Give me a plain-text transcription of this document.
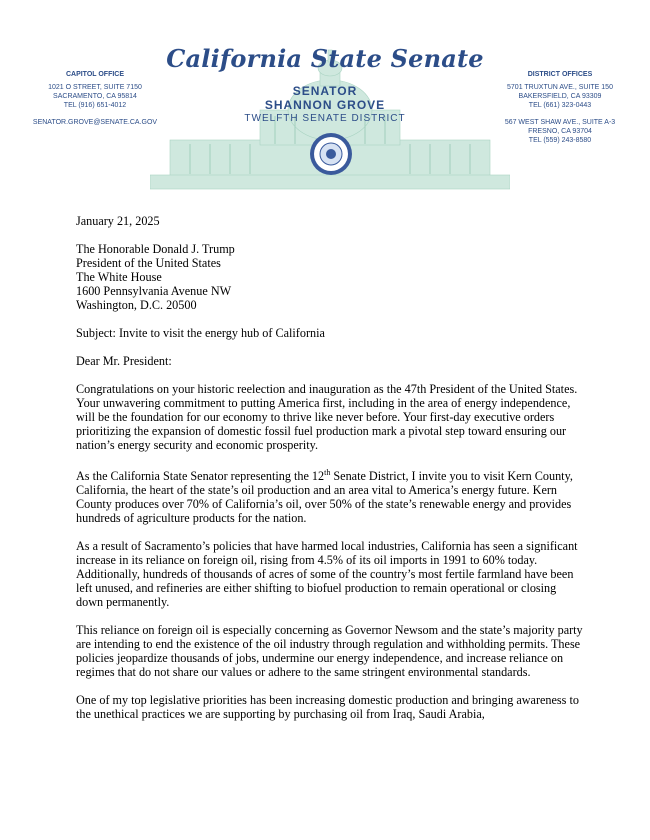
California State Senate
SENATOR
SHANNON GROVE
TWELFTH SENATE DISTRICT
CAPITOL OFFICE
1021 O STREET, SUITE 7150
SACRAMENTO, CA 95814
TEL (916) 651-4012
SENATOR.GROVE@SENATE.CA.GOV
DISTRICT OFFICES
5701 TRUXTUN AVE., SUITE 150
BAKERSFIELD, CA 93309
TEL (661) 323-0443
567 WEST SHAW AVE., SUITE A-3
FRESNO, CA 93704
TEL (559) 243-8580

January 21, 2025

The Honorable Donald J. Trump
President of the United States
The White House
1600 Pennsylvania Avenue NW
Washington, D.C. 20500

Subject: Invite to visit the energy hub of California

Dear Mr. President:

Congratulations on your historic reelection and inauguration as the 47th President of the United States. Your unwavering commitment to putting America first, including in the area of energy independence, will be the foundation for our economy to thrive like never before. Your first-day executive orders prioritizing the expansion of domestic fossil fuel production mark a pivotal step toward ensuring our nation’s energy security and economic prosperity.

As the California State Senator representing the 12th Senate District, I invite you to visit Kern County, California, the heart of the state’s oil production and an area vital to America’s energy future. Kern County produces over 70% of California’s oil, over 50% of the state’s renewable energy and provides hundreds of agriculture products for the nation.

As a result of Sacramento’s policies that have harmed local industries, California has seen a significant increase in its reliance on foreign oil, rising from 4.5% of its oil imports in 1991 to 60% today. Additionally, hundreds of thousands of acres of some of the country’s most fertile farmland have been left unused, and refineries are either shifting to biofuel production to remain operational or closing down permanently.

This reliance on foreign oil is especially concerning as Governor Newsom and the state’s majority party are intending to end the existence of the oil industry through regulation and withholding permits. These policies jeopardize thousands of jobs, undermine our energy independence, and increase reliance on regimes that do not share our values or adhere to the same stringent environmental standards.

One of my top legislative priorities has been increasing domestic production and bringing awareness to the unethical practices we are supporting by purchasing oil from Iraq, Saudi Arabia,
